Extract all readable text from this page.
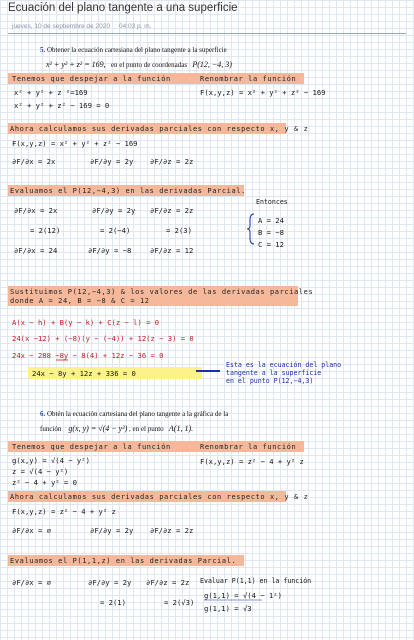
Ecuación del plano tangente a una superficie
jueves, 10 de septiembre de 2020 04:03 p. m.
5. Obtener la ecuación cartesiana del plano tangente a la superficie
x² + y² + z² = 169, en el punto de coordenadas P(12, −4, 3)
Tenemos que despejar a la función	Renombrar la función
x² + y² + z ²=169
x² + y² + z² − 169 = 0
F(x,y,z) = x² + y² + z² − 169
Ahora calculamos sus derivadas parciales con respecto x, y & z
F(x,y,z) = x² + y² + z² − 169
∂F/∂x = 2x	∂F/∂y = 2y ∂F/∂z = 2z
Evaluamos el P(12,−4,3) en las derivadas Parcial.
∂F/∂x = 2x	∂F/∂y = 2y ∂F/∂z = 2z
= 2(12)	= 2(−4)	= 2(3)
∂F/∂x = 24	∂F/∂y = −8	∂F/∂z = 12
Entonces
A = 24
B = −8
C = 12
Sustituimos P(12,−4,3) & los valores de las derivadas parciales
donde A = 24, B = −8 & C = 12
A(x − h) + B(y − k) + C(z − l) = 0
24(x −12) + (−8)(y − (−4)) + 12(z − 3) = 0
24x − 288 −8y − 8(4) + 12z − 36 = 0
24x − 8y + 12z + 336 = 0
Esta es la ecuación del plano
tangente a la superficie
en el punto P(12,−4,3)
6. Obtén la ecuación cartesiana del plano tangente a la gráfica de la
función g(x, y) = √(4 − y²) , en el punto A(1, 1).
Tenemos que despejar a la función	Renombrar la función
g(x,y) = √(4 − y²)
z = √(4 − y²)
z² − 4 + y² = 0
F(x,y,z) = z² − 4 + y² z
Ahora calculamos sus derivadas parciales con respecto x, y & z
F(x,y,z) = z² − 4 + y² z
∂F/∂x = ∅	∂F/∂y = 2y ∂F/∂z = 2z
Evaluamos el P(1,1,z) en las derivadas Parcial.
∂F/∂x = ∅	∂F/∂y = 2y ∂F/∂z = 2z
= 2(1)	= 2(√3)
Evaluar P(1,1) en la función
g(1,1) = √(4 − 1²)
g(1,1) = √3
